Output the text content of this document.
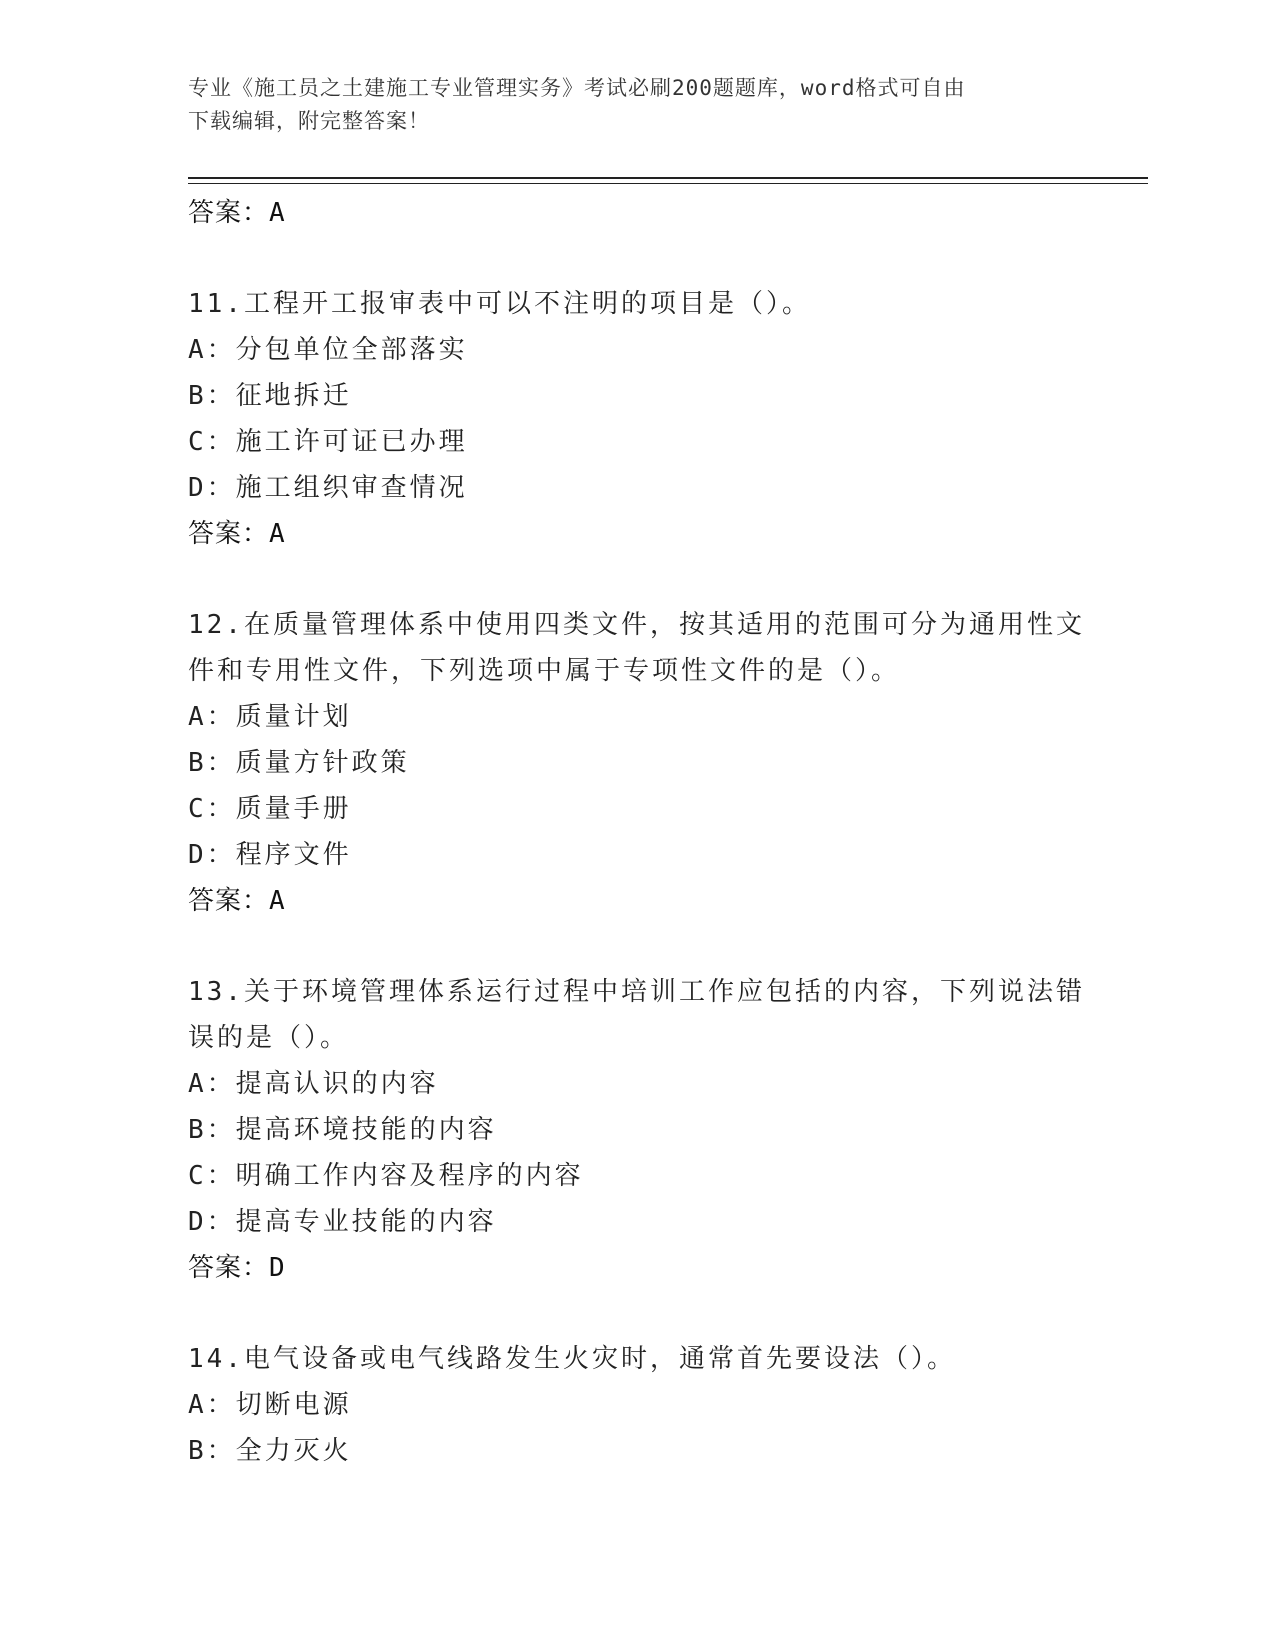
专业《施工员之土建施工专业管理实务》考试必刷200题题库，word格式可自由
下载编辑，附完整答案！
答案：A
11.工程开工报审表中可以不注明的项目是（）。
A：分包单位全部落实
B：征地拆迁
C：施工许可证已办理
D：施工组织审查情况
答案：A
12.在质量管理体系中使用四类文件，按其适用的范围可分为通用性文
件和专用性文件，下列选项中属于专项性文件的是（）。
A：质量计划
B：质量方针政策
C：质量手册
D：程序文件
答案：A
13.关于环境管理体系运行过程中培训工作应包括的内容，下列说法错
误的是（）。
A：提高认识的内容
B：提高环境技能的内容
C：明确工作内容及程序的内容
D：提高专业技能的内容
答案：D
14.电气设备或电气线路发生火灾时，通常首先要设法（）。
A：切断电源
B：全力灭火
